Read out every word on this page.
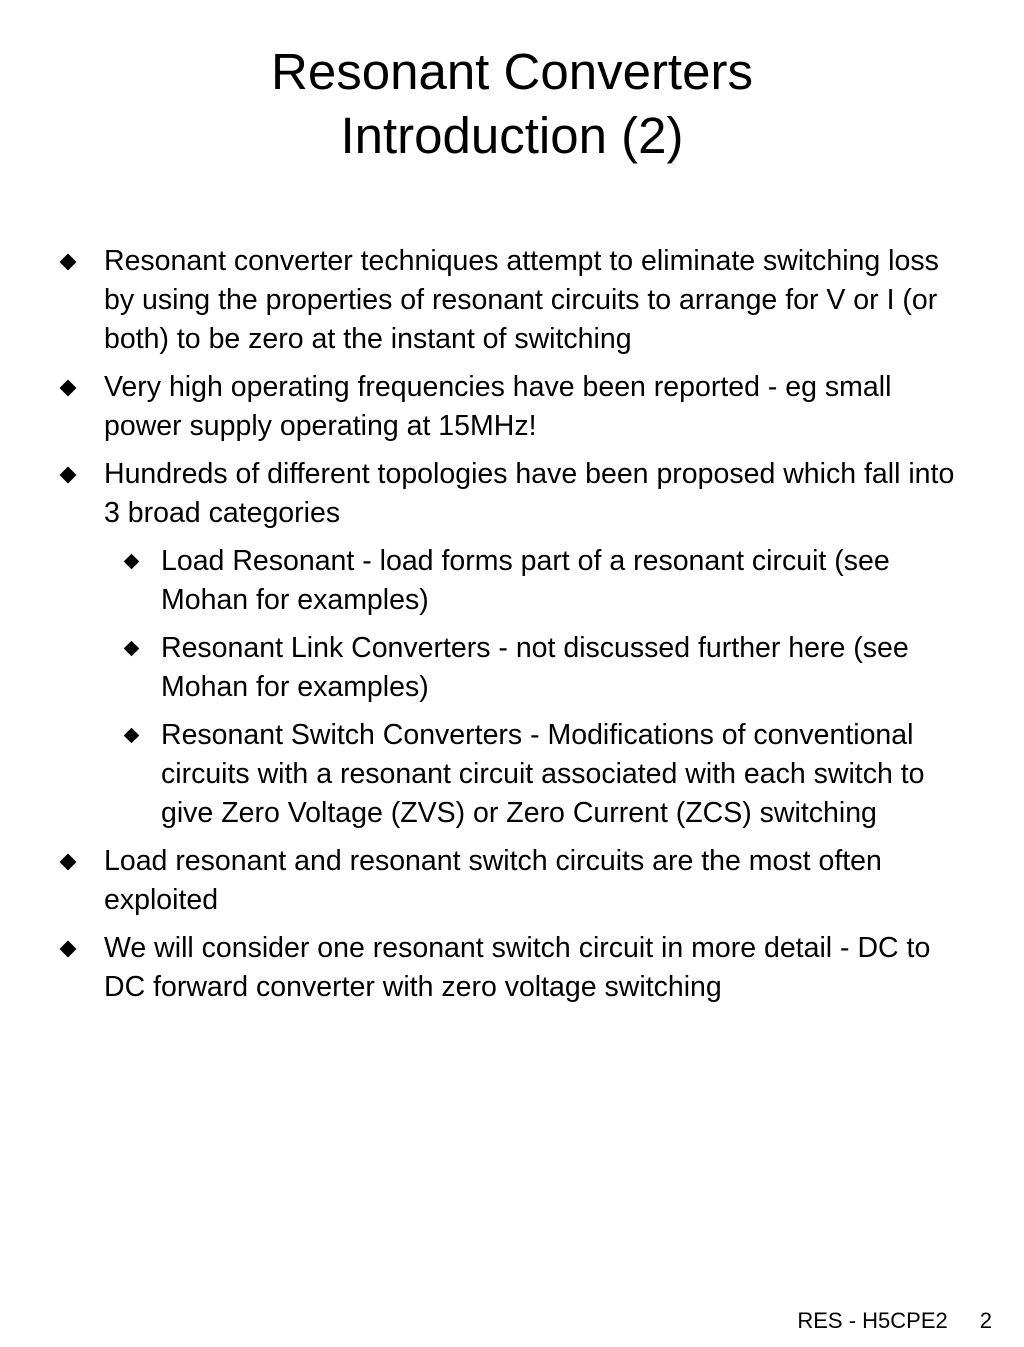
Resonant Converters
Introduction (2)
Resonant converter techniques attempt to eliminate switching loss by using the properties of resonant circuits to arrange for V or I (or both) to be zero at the instant of switching
Very high operating frequencies have been reported - eg small power supply operating at 15MHz!
Hundreds of different topologies have been proposed which fall into 3 broad categories
Load Resonant - load forms part of a resonant circuit (see Mohan for examples)
Resonant Link Converters - not discussed further here (see Mohan for examples)
Resonant Switch Converters - Modifications of conventional circuits with a resonant circuit associated with each switch to give Zero Voltage (ZVS) or Zero Current (ZCS) switching
Load resonant and resonant switch circuits are the most often exploited
We will consider one resonant switch circuit in more detail - DC to DC forward converter with zero voltage switching
RES - H5CPE2 2
